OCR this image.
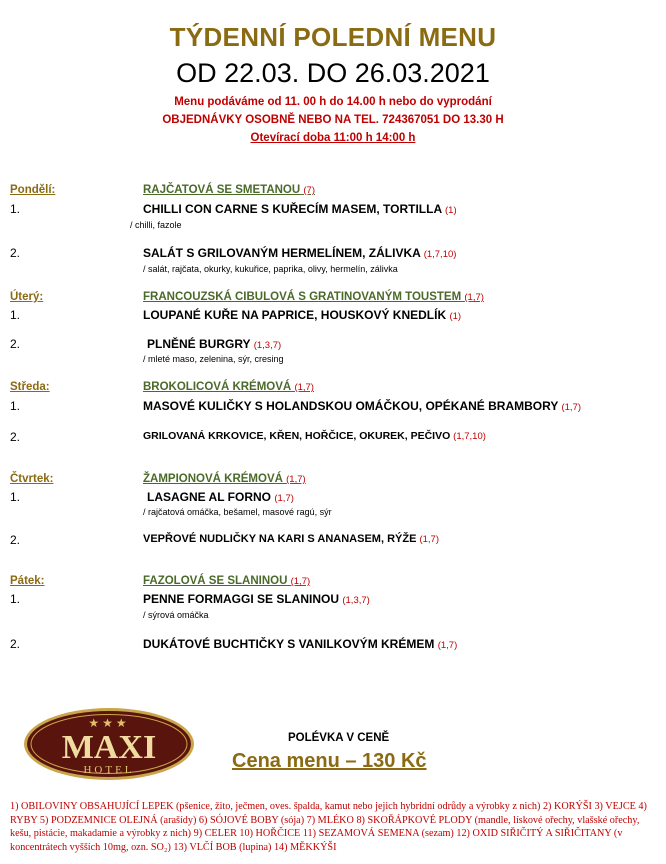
TÝDENNÍ POLEDNÍ MENU
OD 22.03. DO 26.03.2021
Menu podáváme od 11. 00 h do 14.00 h nebo do vyprodání
OBJEDNÁVKY OSOBNĚ NEBO NA TEL. 724367051 DO 13.30 H
Otevírací doba 11:00 h 14:00 h
Pondělí:	RAJČATOVÁ SE SMETANOU (7)
1.	CHILLI CON CARNE S KUŘECÍM MASEM, TORTILLA (1)
/ chilli, fazole
2.	SALÁT S GRILOVANÝM HERMELÍNEM, ZÁLIVKA (1,7,10)
/ salát, rajčata, okurky, kukuřice, paprika, olivy, hermelín, zálivka
Úterý:	FRANCOUZSKÁ CIBULOVÁ S GRATINOVANÝM TOUSTEM (1,7)
1.	LOUPANÉ KUŘE NA PAPRICE, HOUSKOVÝ KNEDLÍK (1)
2.	PLNĚNÉ BURGRY (1,3,7)
/ mleté maso, zelenina, sýr, cresing
Středa:	BROKOLICOVÁ KRÉMOVÁ (1,7)
1.	MASOVÉ KULIČKY S HOLANDSKOU OMÁČKOU, OPÉKANÉ BRAMBORY (1,7)
2.	GRILOVANÁ KRKOVICE, KŘEN, HOŘČICE, OKUREK, PEČIVO (1,7,10)
Čtvrtek:	ŽAMPIONOVÁ KRÉMOVÁ (1,7)
1.	LASAGNE AL FORNO (1,7)
/ rajčatová omáčka, bešamel, masové ragú, sýr
2.	VEPŘOVÉ NUDLIČKY NA KARI S ANANASEM, RÝŽE (1,7)
Pátek:	FAZOLOVÁ SE SLANINOU (1,7)
1.	PENNE FORMAGGI SE SLANINOU (1,3,7)
/ sýrová omáčka
2.	DUKÁTOVÉ BUCHTIČKY S VANILKOVÝM KRÉMEM (1,7)
★★★
MAXI
HOTEL
POLÉVKA V CENĚ
Cena menu – 130 Kč
1) OBILOVINY OBSAHUJÍCÍ LEPEK (pšenice, žito, ječmen, oves. špalda, kamut nebo jejich hybridní odrůdy a výrobky z nich) 2) KORÝŠI 3) VEJCE 4) RYBY 5) PODZEMNICE OLEJNÁ (arašídy) 6) SÓJOVÉ BOBY (sója) 7) MLÉKO 8) SKOŘÁPKOVÉ PLODY (mandle, lískové ořechy, vlašské ořechy, kešu, pistácie, makadamie a výrobky z nich) 9) CELER 10) HOŘČICE 11) SEZAMOVÁ SEMENA (sezam) 12) OXID SIŘIČITÝ A SIŘIČITANY (v koncentrátech vyšších 10mg, ozn. SO₂) 13) VLČÍ BOB (lupina) 14) MĚKKÝŠI
